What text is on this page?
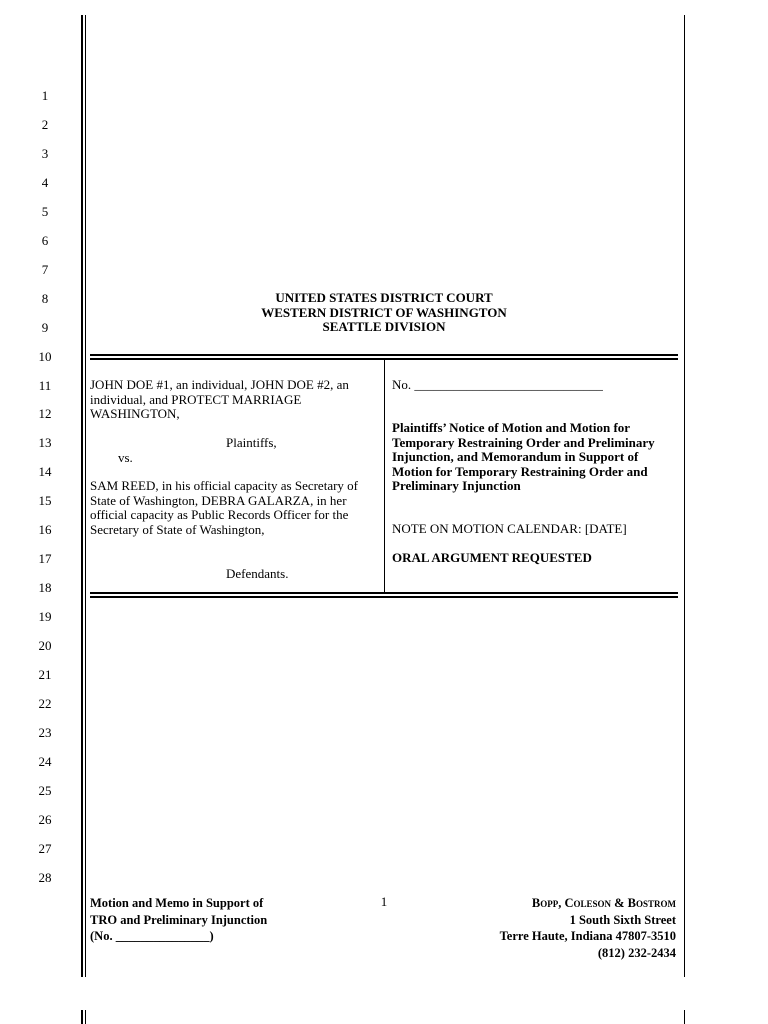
1
2
3
4
5
6
7
8
9
10
11
12
13
14
15
16
17
18
19
20
21
22
23
24
25
26
27
28
UNITED STATES DISTRICT COURT
WESTERN DISTRICT OF WASHINGTON
SEATTLE DIVISION
JOHN DOE #1, an individual, JOHN DOE #2, an individual, and PROTECT MARRIAGE WASHINGTON,
Plaintiffs,
vs.
SAM REED, in his official capacity as Secretary of State of Washington, DEBRA GALARZA, in her official capacity as Public Records Officer for the Secretary of State of Washington,
Defendants.
No. _____________________________
Plaintiffs’ Notice of Motion and Motion for Temporary Restraining Order and Preliminary Injunction, and Memorandum in Support of Motion for Temporary Restraining Order and Preliminary Injunction
NOTE ON MOTION CALENDAR: [DATE]
ORAL ARGUMENT REQUESTED
Motion and Memo in Support of
TRO and Preliminary Injunction
(No. _______________)
1	Bopp, Coleson & Bostrom
1 South Sixth Street
Terre Haute, Indiana 47807-3510
(812) 232-2434
